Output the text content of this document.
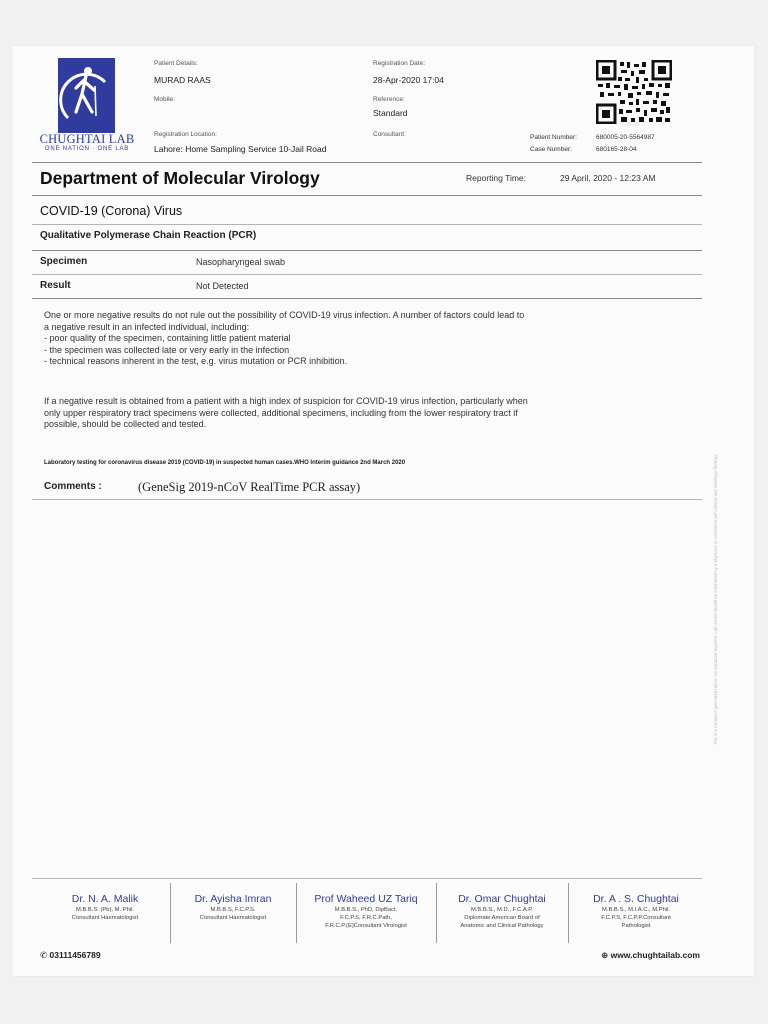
CHUGHTAI LAB
ONE NATION · ONE LAB
Patient Details:
MURAD RAAS
Mobile:
Registration Location:
Lahore: Home Sampling Service 10-Jail Road
Registration Date:
28-Apr-2020 17:04
Reference:
Standard
Consultant:	Patient Number:	680005-20-5564987
Case Number:	680165-28-04
Department of Molecular Virology	Reporting Time:	29 April, 2020 - 12:23 AM
COVID-19 (Corona) Virus
Qualitative Polymerase Chain Reaction (PCR)
Specimen	Nasopharyngeal swab
Result	Not Detected
One or more negative results do not rule out the possibility of COVID-19 virus infection. A number of factors could lead to
a negative result in an infected individual, including:
- poor quality of the specimen, containing little patient material
- the specimen was collected late or very early in the infection
- technical reasons inherent in the test, e.g. virus mutation or PCR inhibition.
If a negative result is obtained from a patient with a high index of suspicion for COVID-19 virus infection, particularly when
only upper respiratory tract specimens were collected, additional specimens, including from the lower respiratory tract if
possible, should be collected and tested.
Laboratory testing for coronavirus disease 2019 (COVID-19) in suspected human cases.WHO Interim guidance 2nd March 2020
Comments :	(GeneSig 2019-nCoV RealTime PCR assay)	This is a computer generated report. No signature required. Lab results should be interpreted by a physician in correlation with clinical and radiologic findings.
Dr. N. A. Malik
M.B.B.S. (Pb), M. Phil.
Consultant Haematologist
Dr. Ayisha Imran
M.B.B.S, F.C.P.S.
Consultant Haematologist
Prof Waheed UZ Tariq
M.B.B.S., PhD, DipBact.
F.C.P.S, F.R.C.Path,
F.R.C.P.(E)Consultant Virologist
Dr. Omar Chughtai
M.B.B.S., M.D., F.C.A.P.
Diplomate American Board of
Anatomic and Clinical Pathology
Dr. A . S. Chughtai
M.B.B.S., M.I.A.C., M.Phil.
F.C.P.S, F.C.P.P.Consultant
Pathologist
✆ 03111456789	⊕ www.chughtailab.com
